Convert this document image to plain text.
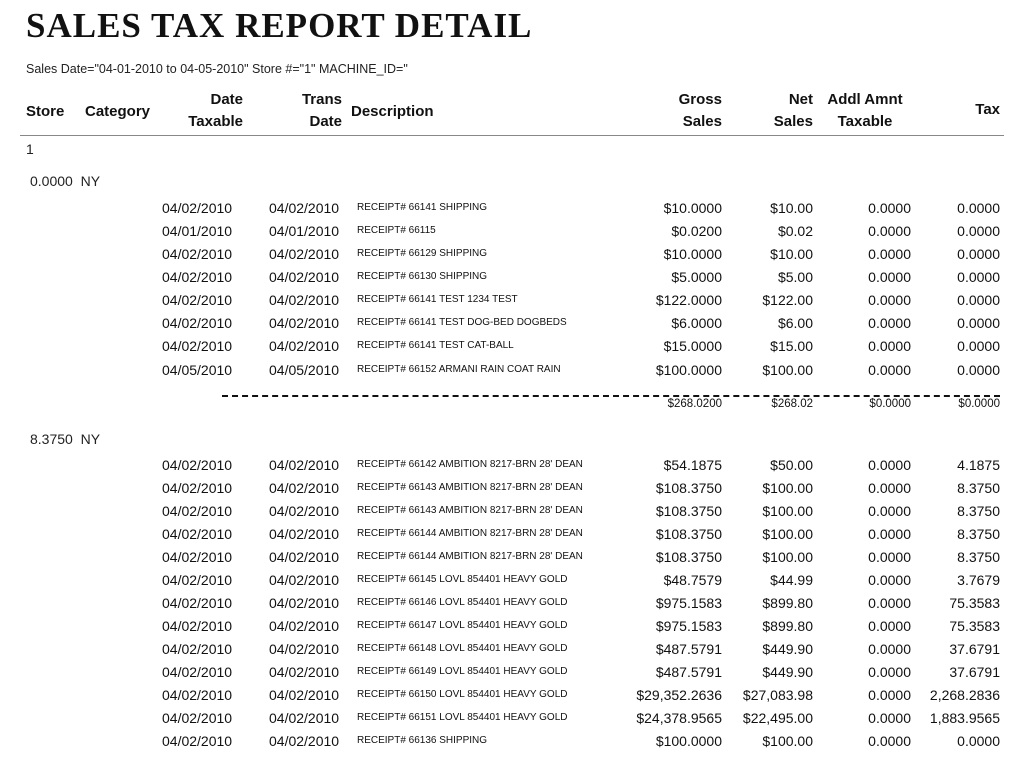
SALES TAX REPORT DETAIL
Sales Date="04-01-2010 to 04-05-2010" Store #="1" MACHINE_ID="
Store Category
Date
Taxable
Trans
Date
Description
Gross
Sales
Net
Sales
Addl Amnt
Taxable
Tax
1
0.0000 NY
04/02/2010	04/02/2010 RECEIPT# 66141 SHIPPING	$10.0000	$10.00	0.0000	0.0000
04/01/2010	04/01/2010 RECEIPT# 66115	$0.0200	$0.02	0.0000	0.0000
04/02/2010	04/02/2010 RECEIPT# 66129 SHIPPING	$10.0000	$10.00	0.0000	0.0000
04/02/2010	04/02/2010 RECEIPT# 66130 SHIPPING	$5.0000	$5.00	0.0000	0.0000
04/02/2010	04/02/2010 RECEIPT# 66141 TEST 1234 TEST	$122.0000	$122.00	0.0000	0.0000
04/02/2010	04/02/2010 RECEIPT# 66141 TEST DOG-BED DOGBEDS	$6.0000	$6.00	0.0000	0.0000
04/02/2010	04/02/2010 RECEIPT# 66141 TEST CAT-BALL	$15.0000	$15.00	0.0000	0.0000
04/05/2010	04/05/2010 RECEIPT# 66152 ARMANI RAIN COAT RAIN	$100.0000	$100.00	0.0000	0.0000
$268.0200	$268.02	$0.0000	$0.0000
8.3750 NY
04/02/2010	04/02/2010 RECEIPT# 66142 AMBITION 8217-BRN 28' DEAN	$54.1875	$50.00	0.0000	4.1875
04/02/2010	04/02/2010 RECEIPT# 66143 AMBITION 8217-BRN 28' DEAN	$108.3750	$100.00	0.0000	8.3750
04/02/2010	04/02/2010 RECEIPT# 66143 AMBITION 8217-BRN 28' DEAN	$108.3750	$100.00	0.0000	8.3750
04/02/2010	04/02/2010 RECEIPT# 66144 AMBITION 8217-BRN 28' DEAN	$108.3750	$100.00	0.0000	8.3750
04/02/2010	04/02/2010 RECEIPT# 66144 AMBITION 8217-BRN 28' DEAN	$108.3750	$100.00	0.0000	8.3750
04/02/2010	04/02/2010 RECEIPT# 66145 LOVL 854401 HEAVY GOLD	$48.7579	$44.99	0.0000	3.7679
04/02/2010	04/02/2010 RECEIPT# 66146 LOVL 854401 HEAVY GOLD	$975.1583	$899.80	0.0000	75.3583
04/02/2010	04/02/2010 RECEIPT# 66147 LOVL 854401 HEAVY GOLD	$975.1583	$899.80	0.0000	75.3583
04/02/2010	04/02/2010 RECEIPT# 66148 LOVL 854401 HEAVY GOLD	$487.5791	$449.90	0.0000	37.6791
04/02/2010	04/02/2010 RECEIPT# 66149 LOVL 854401 HEAVY GOLD	$487.5791	$449.90	0.0000	37.6791
04/02/2010	04/02/2010 RECEIPT# 66150 LOVL 854401 HEAVY GOLD	$29,352.2636 $27,083.98	0.0000 2,268.2836
04/02/2010	04/02/2010 RECEIPT# 66151 LOVL 854401 HEAVY GOLD	$24,378.9565 $22,495.00	0.0000 1,883.9565
04/02/2010	04/02/2010 RECEIPT# 66136 SHIPPING	$100.0000	$100.00	0.0000	0.0000
